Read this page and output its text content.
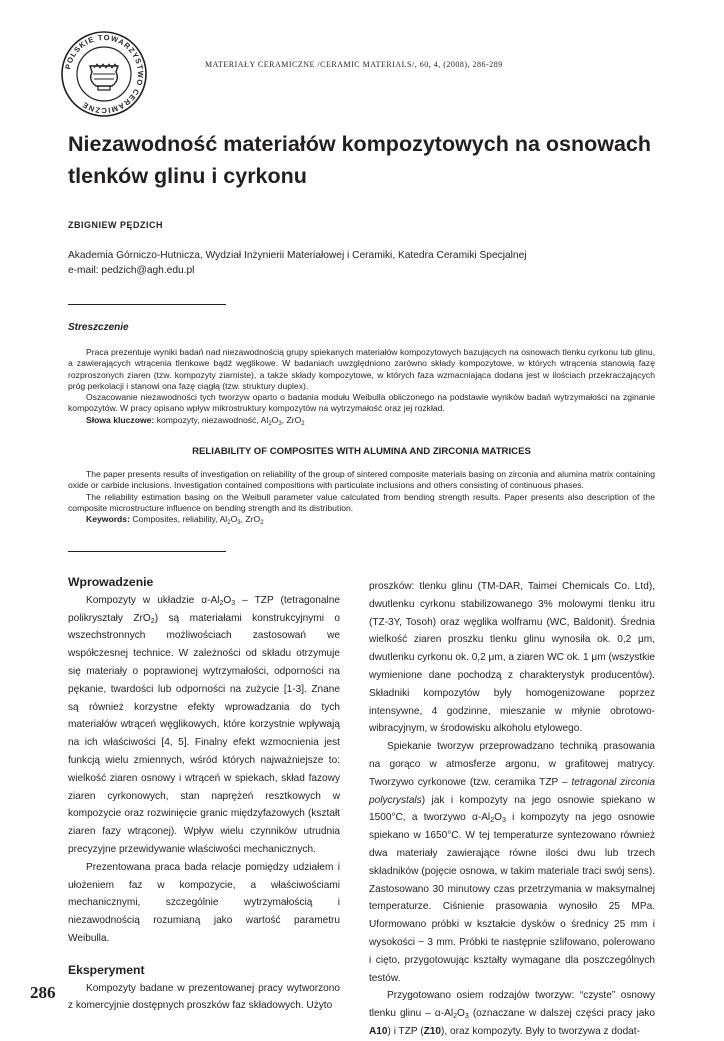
POLSKIE TOWARZYSTWO CERAMICZNE
MATERIAŁY CERAMICZNE /CERAMIC MATERIALS/, 60, 4, (2008), 286-289
Niezawodność materiałów kompozytowych na osnowach tlenków glinu i cyrkonu
ZBIGNIEW PĘDZICH
Akademia Górniczo-Hutnicza, Wydział Inżynierii Materiałowej i Ceramiki, Katedra Ceramiki Specjalnej
e-mail: pedzich@agh.edu.pl
Streszczenie

Praca prezentuje wyniki badań nad niezawodnością grupy spiekanych materiałów kompozytowych bazujących na osnowach tlenku cyrkonu lub glinu, a zawierających wtrącenia tlenkowe bądź węglikowe. W badaniach uwzględniono zarówno składy kompozytowe, w których wtrącenia stanowią fazę rozproszonych ziaren (tzw. kompozyty ziarniste), a także składy kompozytowe, w których faza wzmacniająca dodana jest w ilościach przekraczających próg perkolacji i stanowi ona fazę ciągłą (tzw. struktury duplex).

Oszacowanie niezawodności tych tworzyw oparto o badania modułu Weibulla obliczonego na podstawie wyników badań wytrzymałości na zginanie kompozytów. W pracy opisano wpływ mikrostruktury kompozytów na wytrzymałość oraz jej rozkład.

Słowa kluczowe: kompozyty, niezawodność, $Al_2O_3$, ZrO$_2$

RELIABILITY OF COMPOSITES WITH ALUMINA AND ZIRCONIA MATRICES

The paper presents results of investigation on reliability of the group of sintered composite materials basing on zirconia and alumina matrix containing oxide or carbide inclusions. Investigation contained compositions with particulate inclusions and others consisting of continuous phases.

The reliability estimation basing on the Weibull parameter value calculated from bending strength results. Paper presents also description of the composite microstructure influence on bending strength and its distribution.

Keywords: Composites, reliability, $Al_2O_3$, ZrO$_2$

Wprowadzenie

Kompozyty w układzie $\alpha-Al_2O_3$ – TZP (tetragonalne polikryształy ZrO$_2$) są materiałami konstrukcyjnymi o wszechstronnych możliwościach zastosowań we współczesnej technice. W zależności od składu otrzymuje się materiały o poprawionej wytrzymałości, odporności na pękanie, twardości lub odporności na zużycie [1-3]. Znane są również korzystne efekty wprowadzania do tych materiałów wtrąceń węglikowych, które korzystnie wpływają na ich właściwości [4, 5]. Finalny efekt wzmocnienia jest funkcją wielu zmiennych, wśród których najważniejsze to: wielkość ziaren osnowy i wtrąceń w spiekach, skład fazowy ziaren cyrkonowych, stan naprężeń resztkowych w kompozycie oraz rozwinięcie granic międzyfazowych (kształt ziaren fazy wtrąconej). Wpływ wielu czynników utrudnia precyzyjne przewidywanie właściwości mechanicznych.

Prezentowana praca bada relacje pomiędzy udziałem i ułożeniem faz w kompozycie, a właściwościami mechanicznymi, szczególnie wytrzymałością i niezawodnością rozumianą jako wartość parametru Weibulla.

Eksperyment

Kompozyty badane w prezentowanej pracy wytworzono z komercyjnie dostępnych proszków faz składowych. Użyto

proszków: tlenku glinu (TM-DAR, Taimei Chemicals Co. Ltd), dwutlenku cyrkonu stabilizowanego 3% molowymi tlenku itru (TZ-3Y, Tosoh) oraz węglika wolframu (WC, Baldonit). Średnia wielkość ziaren proszku tlenku glinu wynosiła ok. 0,2 μm, dwutlenku cyrkonu ok. 0,2 μm, a ziaren WC ok. 1 μm (wszystkie wymienione dane pochodzą z charakterystyk producentów). Składniki kompozytów były homogenizowane poprzez intensywne, 4 godzinne, mieszanie w młynie obrotowo-wibracyjnym, w środowisku alkoholu etylowego.

Spiekanie tworzyw przeprowadzano techniką prasowania na gorąco w atmosferze argonu, w grafitowej matrycy. Tworzywo cyrkonowe (tzw. ceramika TZP – tetragonal zirconia polycrystals) jak i kompozyty na jego osnowie spiekano w 1500°C, a tworzywo $\alpha-Al_2O_3$ i kompozyty na jego osnowie spiekano w 1650°C. W tej temperaturze syntezowano również dwa materiały zawierające równe ilości dwu lub trzech składników (pojęcie osnowa, w takim materiale traci swój sens). Zastosowano 30 minutowy czas przetrzymania w maksymalnej temperaturze. Ciśnienie prasowania wynosiło 25 MPa. Uformowano próbki w kształcie dysków o średnicy 25 mm i wysokości ~ 3 mm. Próbki te następnie szlifowano, polerowano i cięto, przygotowując kształty wymagane dla poszczególnych testów.

Przygotowano osiem rodzajów tworzyw: “czyste” osnowy tlenku glinu – $\alpha-Al_2O_3$ (oznaczane w dalszej części pracy jako A10) i TZP (Z10), oraz kompozyty. Były to tworzywa z dodat-

286
